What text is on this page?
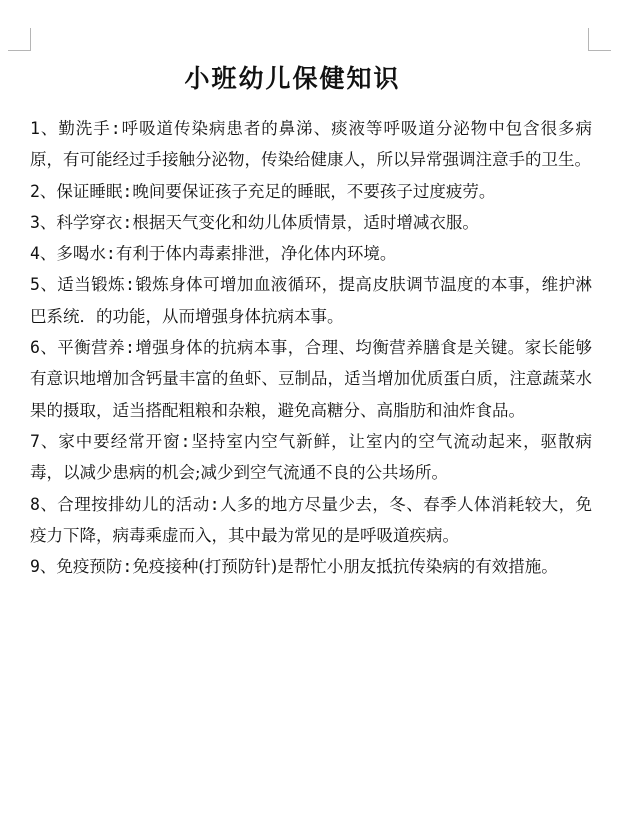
小班幼儿保健知识

1、勤洗手:呼吸道传染病患者的鼻涕、痰液等呼吸道分泌物中包含很多病原，有可能经过手接触分泌物，传染给健康人，所以异常强调注意手的卫生。

2、保证睡眠:晚间要保证孩子充足的睡眠，不要孩子过度疲劳。

3、科学穿衣:根据天气变化和幼儿体质情景，适时增减衣服。

4、多喝水:有利于体内毒素排泄，净化体内环境。

5、适当锻炼:锻炼身体可增加血液循环，提高皮肤调节温度的本事，维护淋巴系统．的功能，从而增强身体抗病本事。

6、平衡营养:增强身体的抗病本事，合理、均衡营养膳食是关键。家长能够有意识地增加含钙量丰富的鱼虾、豆制品，适当增加优质蛋白质，注意蔬菜水果的摄取，适当搭配粗粮和杂粮，避免高糖分、高脂肪和油炸食品。

7、家中要经常开窗:坚持室内空气新鲜，让室内的空气流动起来，驱散病毒，以减少患病的机会;减少到空气流通不良的公共场所。

8、合理按排幼儿的活动:人多的地方尽量少去，冬、春季人体消耗较大，免疫力下降，病毒乘虚而入，其中最为常见的是呼吸道疾病。

9、免疫预防:免疫接种(打预防针)是帮忙小朋友抵抗传染病的有效措施。
